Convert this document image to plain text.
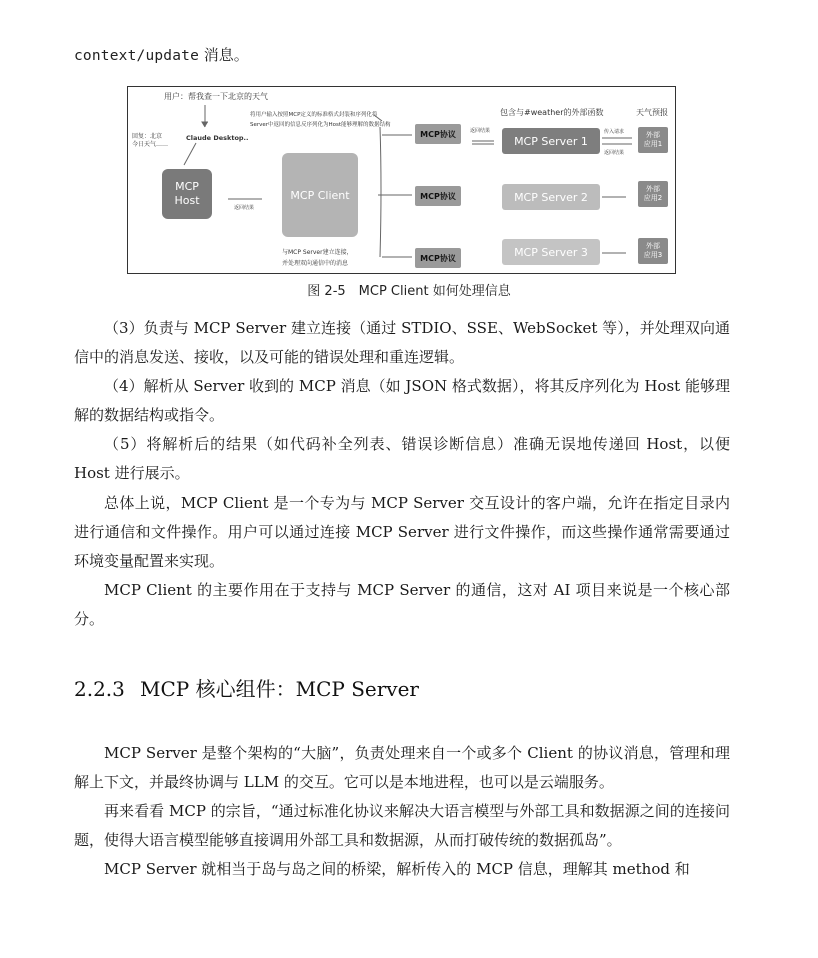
context/update 消息。
用户：帮我查一下北京的天气
回复：北京
今日天气……
Claude Desktop..
将用户输入按照MCP定义的标准格式封装和序列化将
Server中返回的信息反序列化为Host能够理解的数据结构
MCP
Host
返回结果
MCP Client
与MCP Server建立连接，
并处理双向通信中的消息
MCP协议
MCP协议
MCP协议
返回结果
包含与#weather的外部函数	天气预报
MCP Server 1
MCP Server 2
MCP Server 3
传入请求
返回结果
外部
应用1
外部
应用2
外部
应用3
图 2-5　MCP Client 如何处理信息

（3）负责与 MCP Server 建立连接（通过 STDIO、SSE、WebSocket 等），并处理双向通信中的消息发送、接收，以及可能的错误处理和重连逻辑。

（4）解析从 Server 收到的 MCP 消息（如 JSON 格式数据），将其反序列化为 Host 能够理解的数据结构或指令。

（5）将解析后的结果（如代码补全列表、错误诊断信息）准确无误地传递回 Host，以便 Host 进行展示。

总体上说，MCP Client 是一个专为与 MCP Server 交互设计的客户端，允许在指定目录内进行通信和文件操作。用户可以通过连接 MCP Server 进行文件操作，而这些操作通常需要通过环境变量配置来实现。

MCP Client 的主要作用在于支持与 MCP Server 的通信，这对 AI 项目来说是一个核心部分。

2.2.3 MCP 核心组件：MCP Server

MCP Server 是整个架构的“大脑”，负责处理来自一个或多个 Client 的协议消息，管理和理解上下文，并最终协调与 LLM 的交互。它可以是本地进程，也可以是云端服务。

再来看看 MCP 的宗旨，“通过标准化协议来解决大语言模型与外部工具和数据源之间的连接问题，使得大语言模型能够直接调用外部工具和数据源，从而打破传统的数据孤岛”。

MCP Server 就相当于岛与岛之间的桥梁，解析传入的 MCP 信息，理解其 method 和
